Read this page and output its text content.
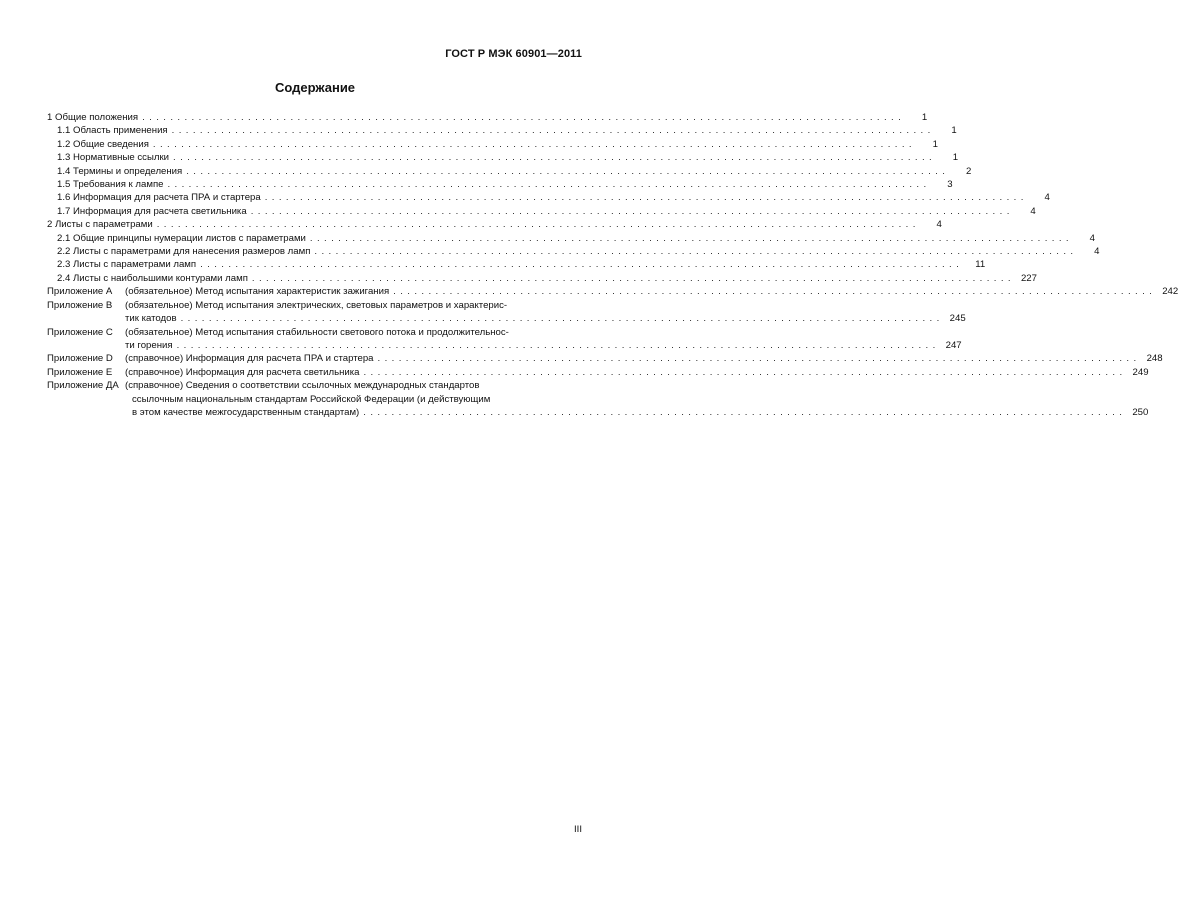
ГОСТ Р МЭК 60901—2011
Содержание
1 Общие положения ............................................................................................................	1
1.1 Область применения ............................................................................................................	1
1.2 Общие сведения ............................................................................................................	1
1.3 Нормативные ссылки ............................................................................................................	1
1.4 Термины и определения ............................................................................................................	2
1.5 Требования к лампе ............................................................................................................	3
1.6 Информация для расчета ПРА и стартера ............................................................................................................	4
1.7 Информация для расчета светильника ............................................................................................................	4
2 Листы с параметрами ............................................................................................................	4
2.1 Общие принципы нумерации листов с параметрами ............................................................................................................	4
2.2 Листы с параметрами для нанесения размеров ламп ............................................................................................................	4
2.3 Листы с параметрами ламп ............................................................................................................	11
2.4 Листы с наибольшими контурами ламп ............................................................................................................ 227
Приложение А	(обязательное) Метод испытания характеристик зажигания ............................................................................................................ 242
Приложение В	(обязательное) Метод испытания электрических, световых параметров и характерис-
тик катодов ............................................................................................................ 245
Приложение С	(обязательное) Метод испытания стабильности светового потока и продолжительнос-
ти горения ............................................................................................................ 247
Приложение D	(справочное) Информация для расчета ПРА и стартера ............................................................................................................ 248
Приложение Е	(справочное) Информация для расчета светильника ............................................................................................................ 249
Приложение ДА (справочное) Сведения о соответствии ссылочных международных стандартов
ссылочным национальным стандартам Российской Федерации (и действующим
в этом качестве межгосударственным стандартам) ............................................................................................................ 250
III
